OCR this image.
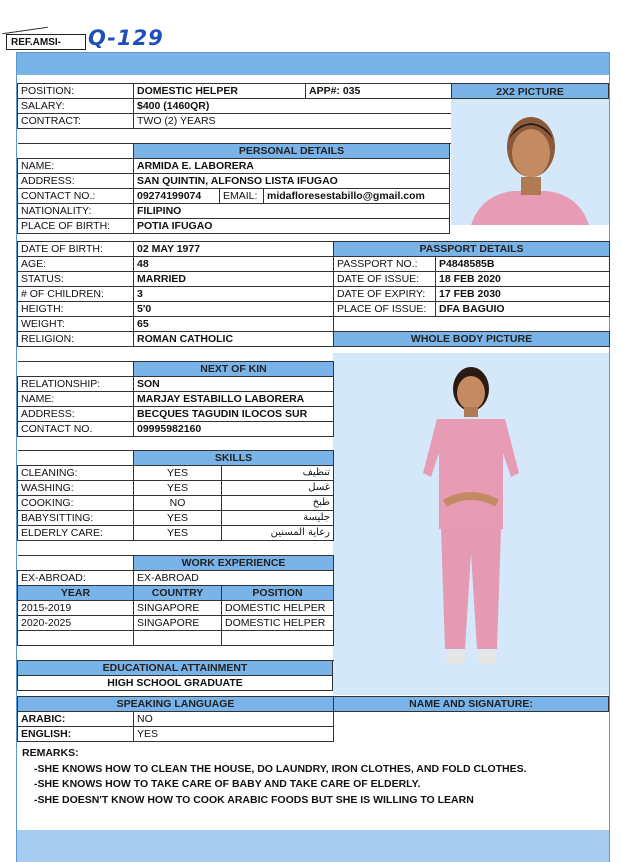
REF.AMSI-	Q-129
POSITION:	DOMESTIC HELPER	APP#: 035
SALARY:	$400 (1460QR)	
CONTRACT:	TWO (2) YEARS	

2X2 PICTURE
	PERSONAL DETAILS		
NAME:	ARMIDA E. LABORERA		
ADDRESS:	SAN QUINTIN, ALFONSO LISTA IFUGAO		
CONTACT NO.:	09274199074	EMAIL:	midafloresestabillo@gmail.com
NATIONALITY:	FILIPINO		
PLACE OF BIRTH:	POTIA IFUGAO		
DATE OF BIRTH:	02 MAY 1977
AGE:	48
STATUS:	MARRIED
# OF CHILDREN:	3
HEIGTH:	5'0
WEIGHT:	65
RELIGION:	ROMAN CATHOLIC
PASSPORT DETAILS	
PASSPORT NO.:	P4848585B
DATE OF ISSUE:	18 FEB 2020
DATE OF EXPIRY:	17 FEB 2030
PLACE OF ISSUE:	DFA BAGUIO

WHOLE BODY PICTURE	
	NEXT OF KIN
RELATIONSHIP:	SON
NAME:	MARJAY ESTABILLO LABORERA
ADDRESS:	BECQUES TAGUDIN ILOCOS SUR
CONTACT NO.	09995982160
	SKILLS	
CLEANING:	YES	تنظيف
WASHING:	YES	غسل
COOKING:	NO	طبخ
BABYSITTING:	YES	جليسة
ELDERLY CARE:	YES	رعاية المسنين
	WORK EXPERIENCE	
EX-ABROAD:	EX-ABROAD	
YEAR	COUNTRY	POSITION
2015-2019	SINGAPORE	DOMESTIC HELPER
2020-2025	SINGAPORE	DOMESTIC HELPER

EDUCATIONAL ATTAINMENT
HIGH SCHOOL GRADUATE
SPEAKING LANGUAGE	
ARABIC:	NO
ENGLISH:	YES
NAME AND SIGNATURE:

REMARKS:
-SHE KNOWS HOW TO CLEAN THE HOUSE, DO LAUNDRY, IRON CLOTHES, AND FOLD CLOTHES.
-SHE KNOWS HOW TO TAKE CARE OF BABY AND TAKE CARE OF ELDERLY.
-SHE DOESN'T KNOW HOW TO COOK ARABIC FOODS BUT SHE IS WILLING TO LEARN
